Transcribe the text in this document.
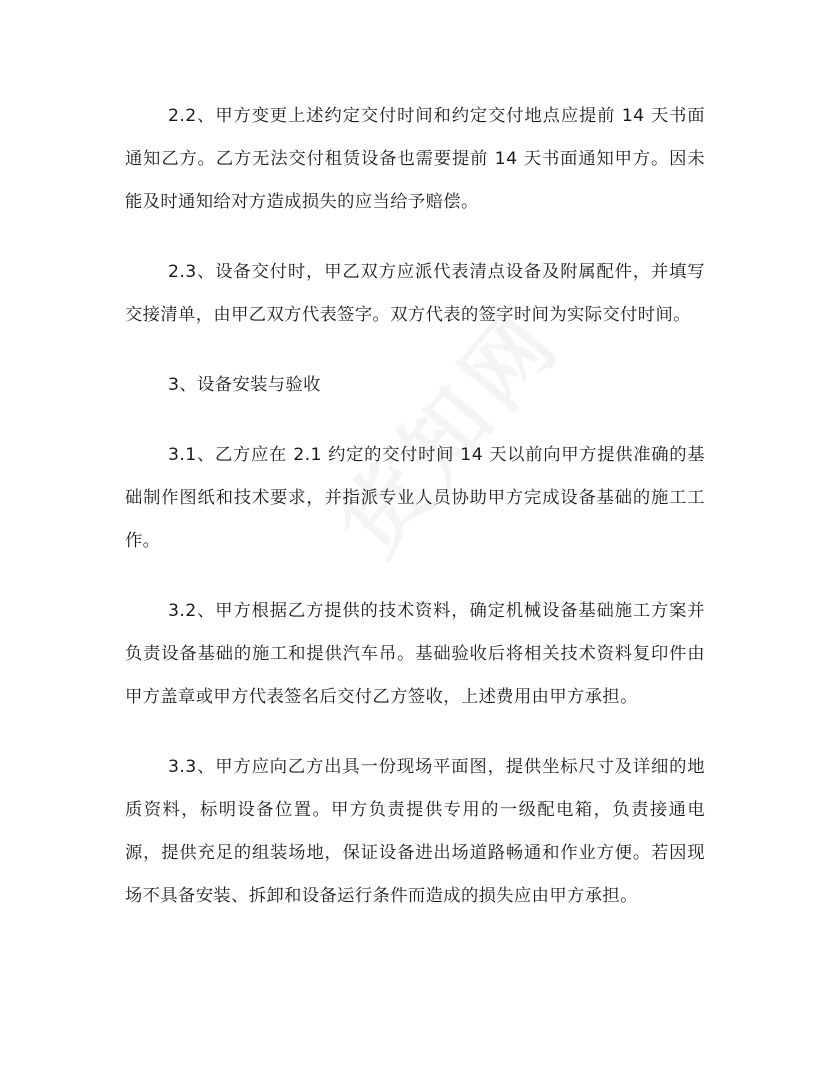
2.2、甲方变更上述约定交付时间和约定交付地点应提前 14 天书面通知乙方。乙方无法交付租赁设备也需要提前 14 天书面通知甲方。因未能及时通知给对方造成损失的应当给予赔偿。

2.3、设备交付时，甲乙双方应派代表清点设备及附属配件，并填写交接清单，由甲乙双方代表签字。双方代表的签字时间为实际交付时间。

3、设备安装与验收

3.1、乙方应在 2.1 约定的交付时间 14 天以前向甲方提供准确的基础制作图纸和技术要求，并指派专业人员协助甲方完成设备基础的施工工作。

3.2、甲方根据乙方提供的技术资料，确定机械设备基础施工方案并负责设备基础的施工和提供汽车吊。基础验收后将相关技术资料复印件由甲方盖章或甲方代表签名后交付乙方签收，上述费用由甲方承担。

3.3、甲方应向乙方出具一份现场平面图，提供坐标尺寸及详细的地质资料，标明设备位置。甲方负责提供专用的一级配电箱，负责接通电源，提供充足的组装场地，保证设备进出场道路畅通和作业方便。若因现场不具备安装、拆卸和设备运行条件而造成的损失应由甲方承担。
